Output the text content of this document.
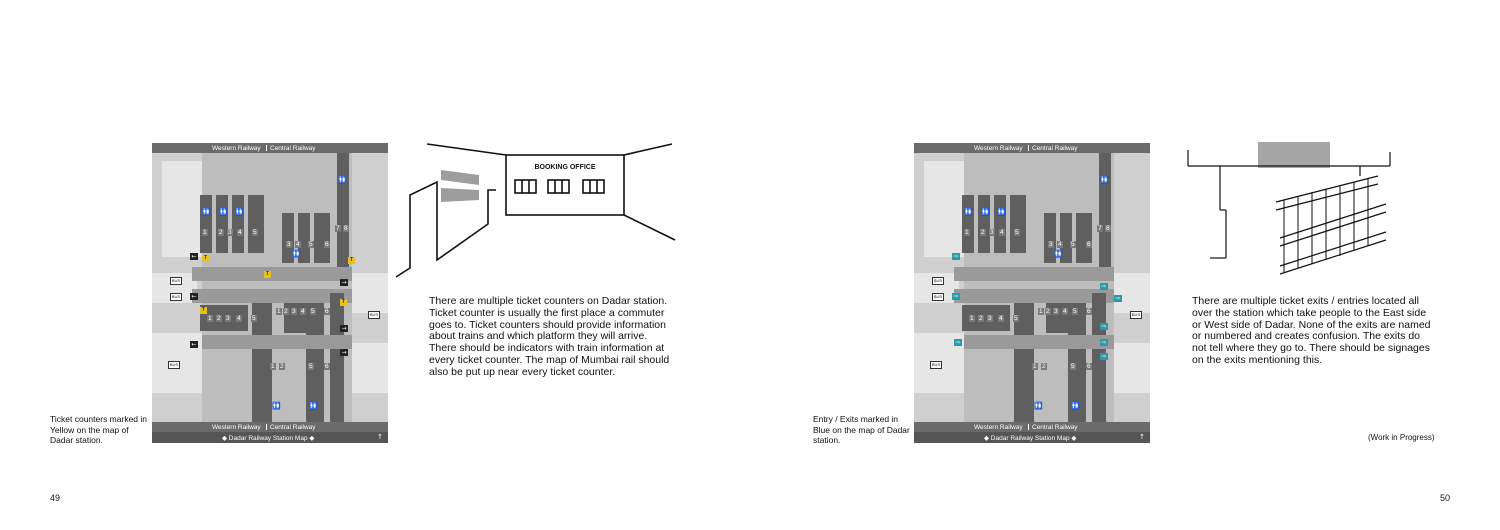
Ticket counters marked in Yellow on the map of Dadar station.
1 2 3 4 5
3 4 5 6
7 8
1 2 3 4 5
1 2 3 4 5 6
1 2	5 6
🚻 🚻 🚻
🚻
🚻
🚻	🚻
T
T
T
T
T
←
←
←
→
→
→
BUS
BUS
BUS
BUS
Western Railway Central Railway
Western Railway Central Railway
◆ Dadar Railway Station Map ◆	↑
BOOKING OFFICE
There are multiple ticket counters on Dadar station. Ticket counter is usually the first place a commuter goes to. Ticket counters should provide information about trains and which platform they will arrive. There should be indicators with train information at every ticket counter. The map of Mumbai rail should also be put up near every ticket counter.
49
Entry / Exits marked in Blue on the map of Dadar station.
1 2 3 4 5
3 4 5 6
7 8
1 2 3 4 5
1 2 3 4 5 6
1 2	5 6
🚻 🚻 🚻
🚻
🚻
🚻	🚻
⇨
⇨
⇨
⇨
⇨
⇨
⇨
⇨
BUS
BUS
BUS
BUS
Western Railway Central Railway
Western Railway Central Railway
◆ Dadar Railway Station Map ◆	↑
There are multiple ticket exits / entries located all over the station which take people to the East side or West side of Dadar. None of the exits are named or numbered and creates confusion. The exits do not tell where they go to. There should be signages on the exits mentioning this.
(Work in Progress)
50
